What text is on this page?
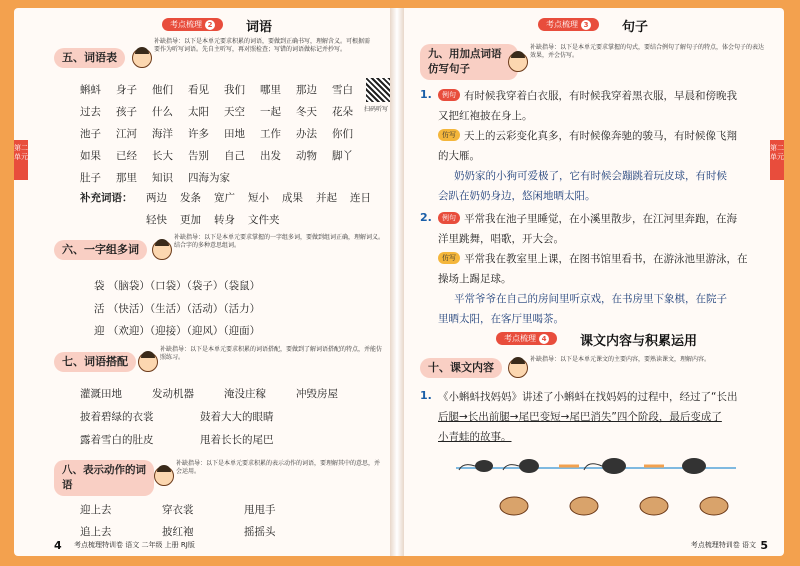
第二单元
考点梳理 2	词语
五、词语表
补缺指导：以下是本单元要求积累的词语，要做到正确书写，理解含义。可根据需要作为听写词语。先自主听写，再对照检查；写错的词语做标记并抄写。
扫码听写
蝌蚪 身子 他们 看见 我们 哪里 那边 雪白
过去 孩子 什么 太阳 天空 一起 冬天 花朵
池子 江河 海洋 许多 田地 工作 办法 你们
如果 已经 长大 告别 自己 出发 动物 脚丫
肚子 那里 知识 四海为家
补充词语： 两边 发条 宽广 短小 成果 并起 连日
轻快 更加 转身 文件夹
六、一字组多词
补缺指导：以下是本单元要求掌握的一字组多词，要做到组词正确，理解词义。结合字的多种意思组词。
袋 （脑袋）（口袋）（袋子）（袋鼠）
活 （快活）（生活）（活动）（活力）
迎 （欢迎）（迎接）（迎风）（迎面）
七、词语搭配
补缺指导：以下是本单元要求积累的词语搭配，要做到了解词语搭配的特点，并能仿照练习。
灌溉田地	发动机器	淹没庄稼	冲毁房屋
披着碧绿的衣裳	鼓着大大的眼睛
露着雪白的肚皮	甩着长长的尾巴
八、表示动作的词语
补缺指导：以下是本单元要求积累的表示动作的词语，要理解其中的意思，并会运用。
迎上去	穿衣裳	甩甩手
追上去	披红袍	摇摇头
4 考点梳理特训卷 语文 二年级 上册 RJ版
第二单元
考点梳理 3	句子
九、用加点词语
仿写句子
补缺指导：以下是本单元要求掌握的句式，要结合例句了解句子的特点，体会句子的表达效果，并会仿写。
1.	例句 有时候我穿着白衣服，有时候我穿着黑衣服，早晨和傍晚我
又把红袍披在身上。
仿写 天上的云彩变化真多，有时候像奔驰的骏马，有时候像飞翔
的大雁。
奶奶家的小狗可爱极了，它有时候会蹦跳着玩皮球，有时候
会趴在奶奶身边，悠闲地晒太阳。
2.	例句 平常我在池子里睡觉，在小溪里散步，在江河里奔跑，在海
洋里跳舞，唱歌，开大会。
仿写 平常我在教室里上课，在图书馆里看书，在游泳池里游泳，在
操场上踢足球。
平常爷爷在自己的房间里听京戏，在书房里下象棋，在院子
里晒太阳，在客厅里喝茶。
考点梳理 4	课文内容与积累运用
十、课文内容
补缺指导：以下是本单元课文的主要内容，要熟读课文，理解内容。
1. 《小蝌蚪找妈妈》讲述了小蝌蚪在找妈妈的过程中，经过了“长出
后腿→长出前腿→尾巴变短→尾巴消失”四个阶段，最后变成了
小青蛙的故事。
考点梳理特训卷 语文 5
